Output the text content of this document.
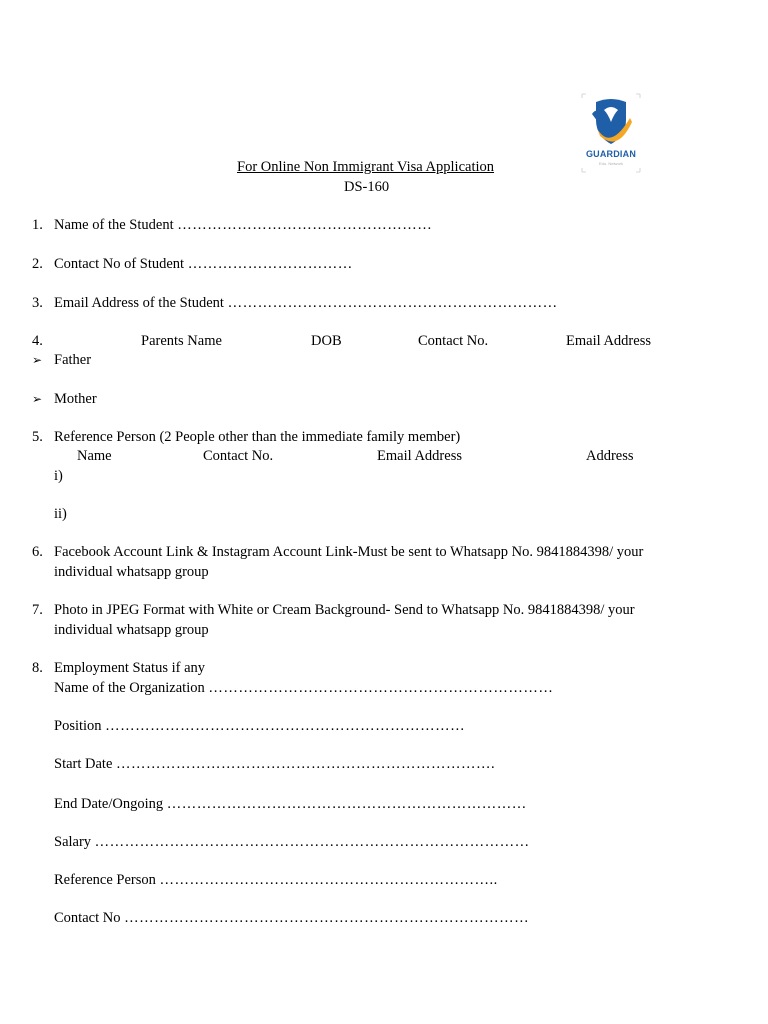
GUARDIAN
Edu. Network
For Online Non Immigrant Visa Application
DS-160
1. Name of the Student ……………………………………………
2. Contact No of Student ……………………………
3. Email Address of the Student …………………………………………………………
4.	Parents Name	DOB	Contact No.	Email Address
➢ Father
➢ Mother
5. Reference Person (2 People other than the immediate family member)
Name	Contact No.	Email Address	Address
i)
ii)
6. Facebook Account Link & Instagram Account Link-Must be sent to Whatsapp No. 9841884398/ your
individual whatsapp group
7. Photo in JPEG Format with White or Cream Background- Send to Whatsapp No. 9841884398/ your
individual whatsapp group
8. Employment Status if any
Name of the Organization ……………………………………………………………
Position ………………………………………………………………
Start Date ………………………………………………………………….
End Date/Ongoing ………………………………………………………………
Salary ……………………………………………………………………………
Reference Person …………………………………………………………..
Contact No ………………………………………………………………………
